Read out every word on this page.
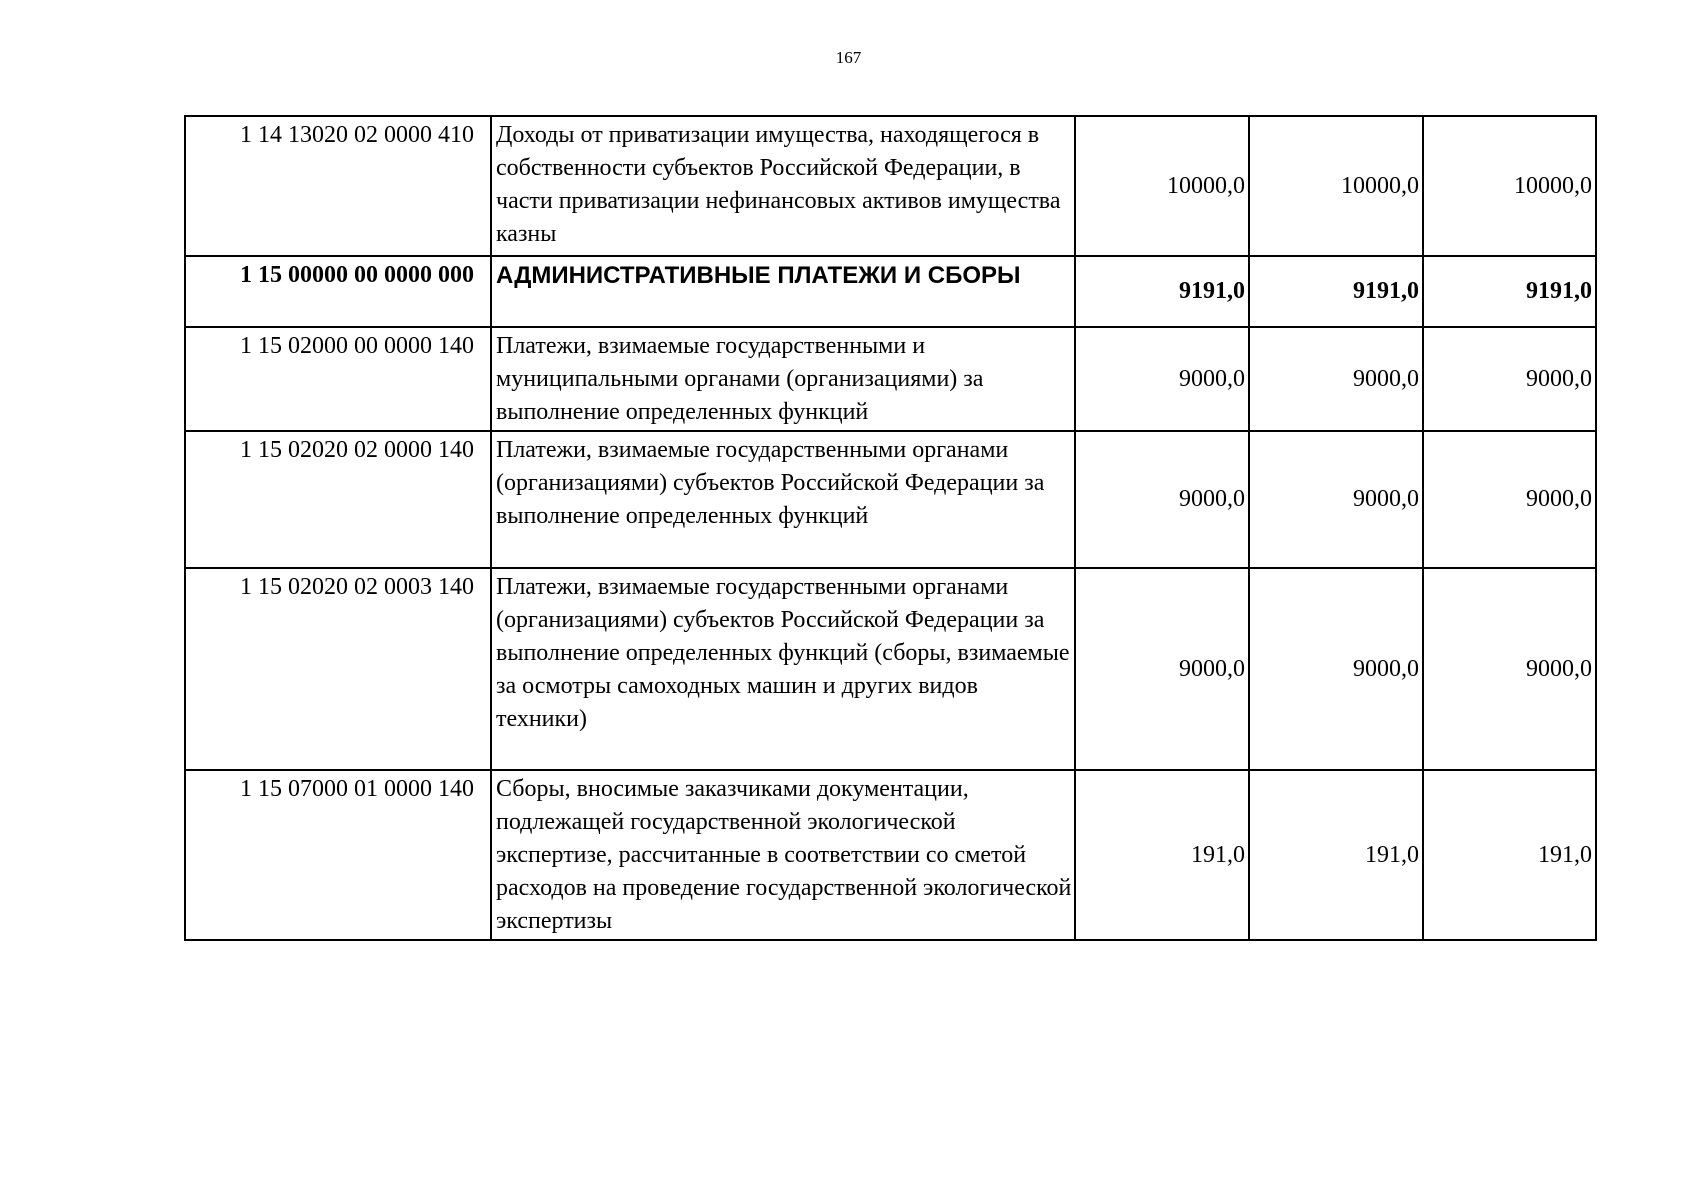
167
1 14 13020 02 0000 410	Доходы от приватизации имущества, находящегося в собственности субъектов Российской Федерации, в части приватизации нефинансовых активов имущества казны	10000,0	10000,0	10000,0
1 15 00000 00 0000 000	АДМИНИСТРАТИВНЫЕ ПЛАТЕЖИ И СБОРЫ	9191,0	9191,0	9191,0
1 15 02000 00 0000 140	Платежи, взимаемые государственными и муниципальными органами (организациями) за выполнение определенных функций	9000,0	9000,0	9000,0
1 15 02020 02 0000 140	Платежи, взимаемые государственными органами (организациями) субъектов Российской Федерации за выполнение определенных функций	9000,0	9000,0	9000,0
1 15 02020 02 0003 140	Платежи, взимаемые государственными органами (организациями) субъектов Российской Федерации за выполнение определенных функций (сборы, взимаемые за осмотры самоходных машин и других видов техники)	9000,0	9000,0	9000,0
1 15 07000 01 0000 140	Сборы, вносимые заказчиками документации, подлежащей государственной экологической экспертизе, рассчитанные в соответствии со сметой расходов на проведение государственной экологической экспертизы	191,0	191,0	191,0
